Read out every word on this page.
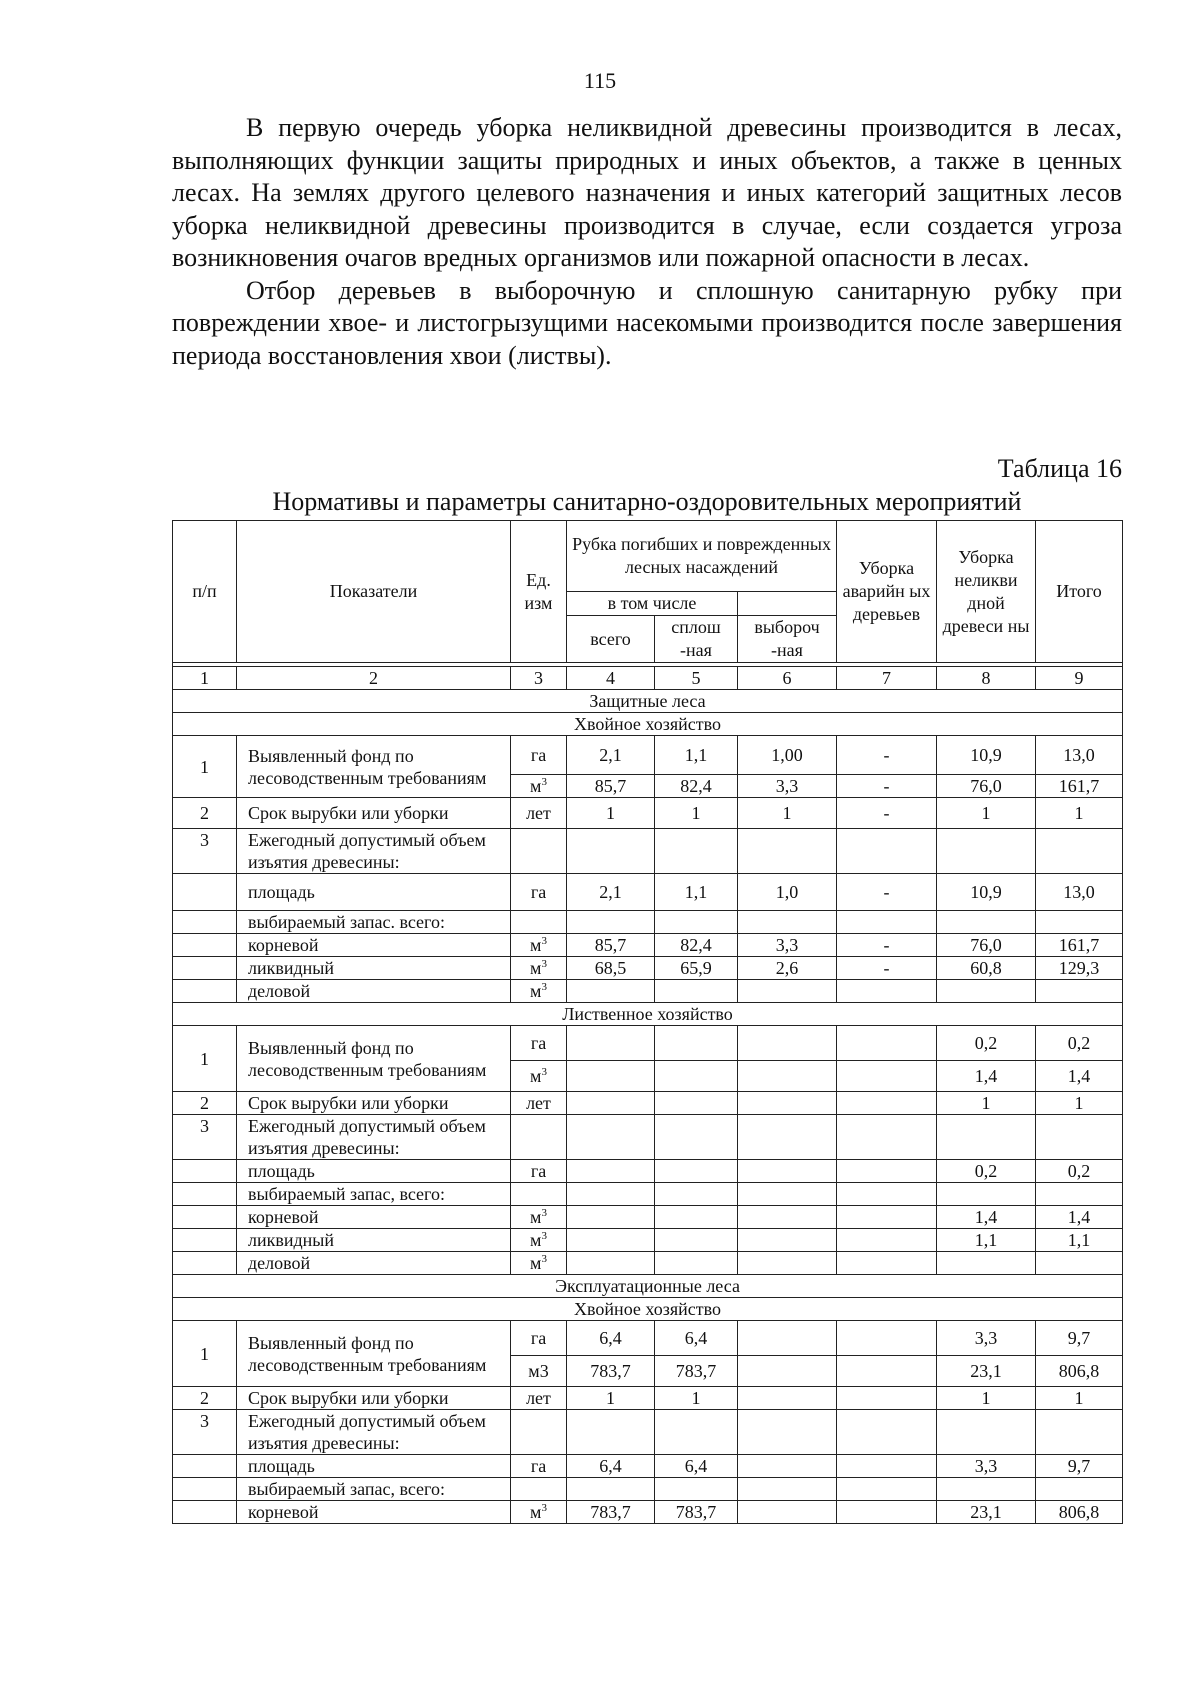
115

В первую очередь уборка неликвидной древесины производится в лесах, выполняющих функции защиты природных и иных объектов, а также в ценных лесах. На землях другого целевого назначения и иных категорий защитных лесов уборка неликвидной древесины производится в случае, если создается угроза возникновения очагов вредных организмов или пожарной опасности в лесах.

Отбор деревьев в выборочную и сплошную санитарную рубку при повреждении хвое- и листогрызущими насекомыми производится после завершения периода восстановления хвои (листвы).

Таблица 16
Нормативы и параметры санитарно-оздоровительных мероприятий
п/п	Показатели	Ед. изм	Рубка погибших и поврежденных лесных насаждений			Уборка аварийн ых деревьев	Уборка неликви дной древеси ны	Итого
			в том числе					
			всего	сплош -ная	выбороч -ная			

1	2	3	4	5	6	7	8	9
Защитные леса								
Хвойное хозяйство								
1	Выявленный фонд по лесоводственным требованиям	га	2,1	1,1	1,00	-	10,9	13,0
		$м^3$	85,7	82,4	3,3	-	76,0	161,7
2	Срок вырубки или уборки	лет	1	1	1	-	1	1
3	Ежегодный допустимый объем изъятия древесины:							
	площадь	га	2,1	1,1	1,0	-	10,9	13,0
	выбираемый запас. всего:							
	корневой	$м^3$	85,7	82,4	3,3	-	76,0	161,7
	ликвидный	$м^3$	68,5	65,9	2,6	-	60,8	129,3
	деловой	$м^3$						
Лиственное хозяйство								
1	Выявленный фонд по лесоводственным требованиям	га					0,2	0,2
		$м^3$					1,4	1,4
2	Срок вырубки или уборки	лет					1	1
3	Ежегодный допустимый объем изъятия древесины:							
	площадь	га					0,2	0,2
	выбираемый запас, всего:							
	корневой	$м^3$					1,4	1,4
	ликвидный	$м^3$					1,1	1,1
	деловой	$м^3$						
Эксплуатационные леса								
Хвойное хозяйство								
1	Выявленный фонд по лесоводственным требованиям	га	6,4	6,4			3,3	9,7
		м3	783,7	783,7			23,1	806,8
2	Срок вырубки или уборки	лет	1	1			1	1
3	Ежегодный допустимый объем изъятия древесины:							
	площадь	га	6,4	6,4			3,3	9,7
	выбираемый запас, всего:							
	корневой	$м^3$	783,7	783,7			23,1	806,8
